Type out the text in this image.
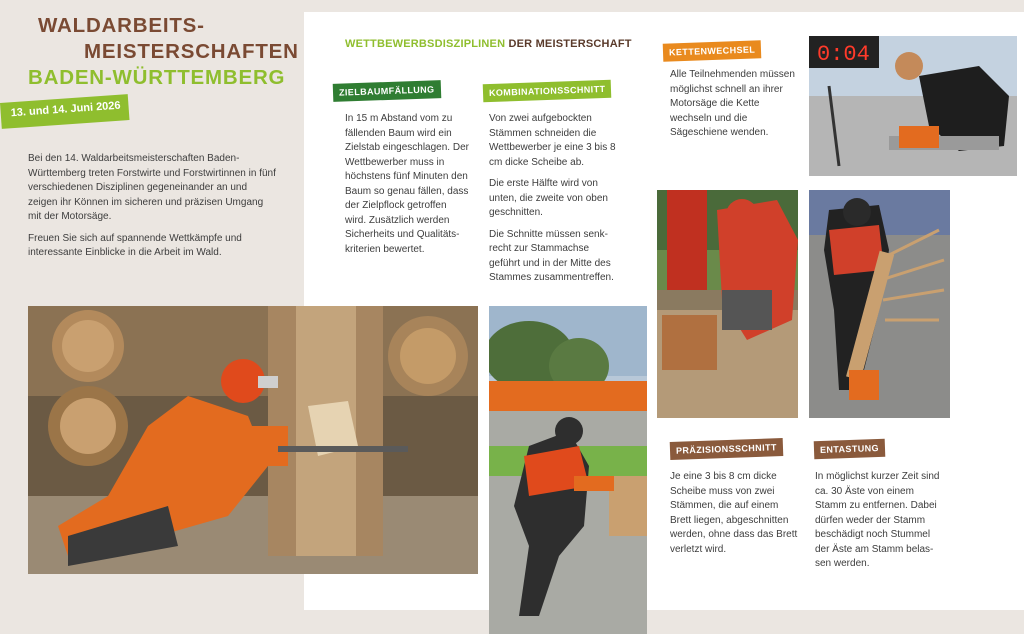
WALDARBEITS-
MEISTERSCHAFTEN
BADEN-WÜRTTEMBERG
13. und 14. Juni 2026

Bei den 14. Waldarbeitsmeisterschaften Baden-Württemberg treten Forstwirte und Forstwirtinnen in fünf verschiedenen Disziplinen gegeneinander an und zeigen ihr Können im sicheren und präzisen Umgang mit der Motorsäge.

Freuen Sie sich auf spannende Wettkämpfe und interessante Einblicke in die Arbeit im Wald.

WETTBEWERBSDISZIPLINEN DER MEISTERSCHAFT
ZIELBAUMFÄLLUNG

In 15 m Abstand vom zu fällenden Baum wird ein Zielstab eingeschlagen. Der Wettbewerber muss in höchstens fünf Minuten den Baum so genau fällen, dass der Zielpflock getroffen wird. Zusätzlich werden Sicherheits und Qualitäts-kriterien bewertet.

KOMBINATIONSSCHNITT

Von zwei aufgebockten Stämmen schneiden die Wettbewerber je eine 3 bis 8 cm dicke Scheibe ab.

Die erste Hälfte wird von unten, die zweite von oben geschnitten.

Die Schnitte müssen senk-recht zur Stammachse geführt und in der Mitte des Stammes zusammentreffen.

KETTENWECHSEL

Alle Teilnehmenden müssen möglichst schnell an ihrer Motorsäge die Kette wechseln und die Sägeschiene wenden.

PRÄZISIONSSCHNITT

Je eine 3 bis 8 cm dicke Scheibe muss von zwei Stämmen, die auf einem Brett liegen, abgeschnitten werden, ohne dass das Brett verletzt wird.

ENTASTUNG

In möglichst kurzer Zeit sind ca. 30 Äste von einem Stamm zu entfernen. Dabei dürfen weder der Stamm beschädigt noch Stummel der Äste am Stamm belas-sen werden.

0:04
